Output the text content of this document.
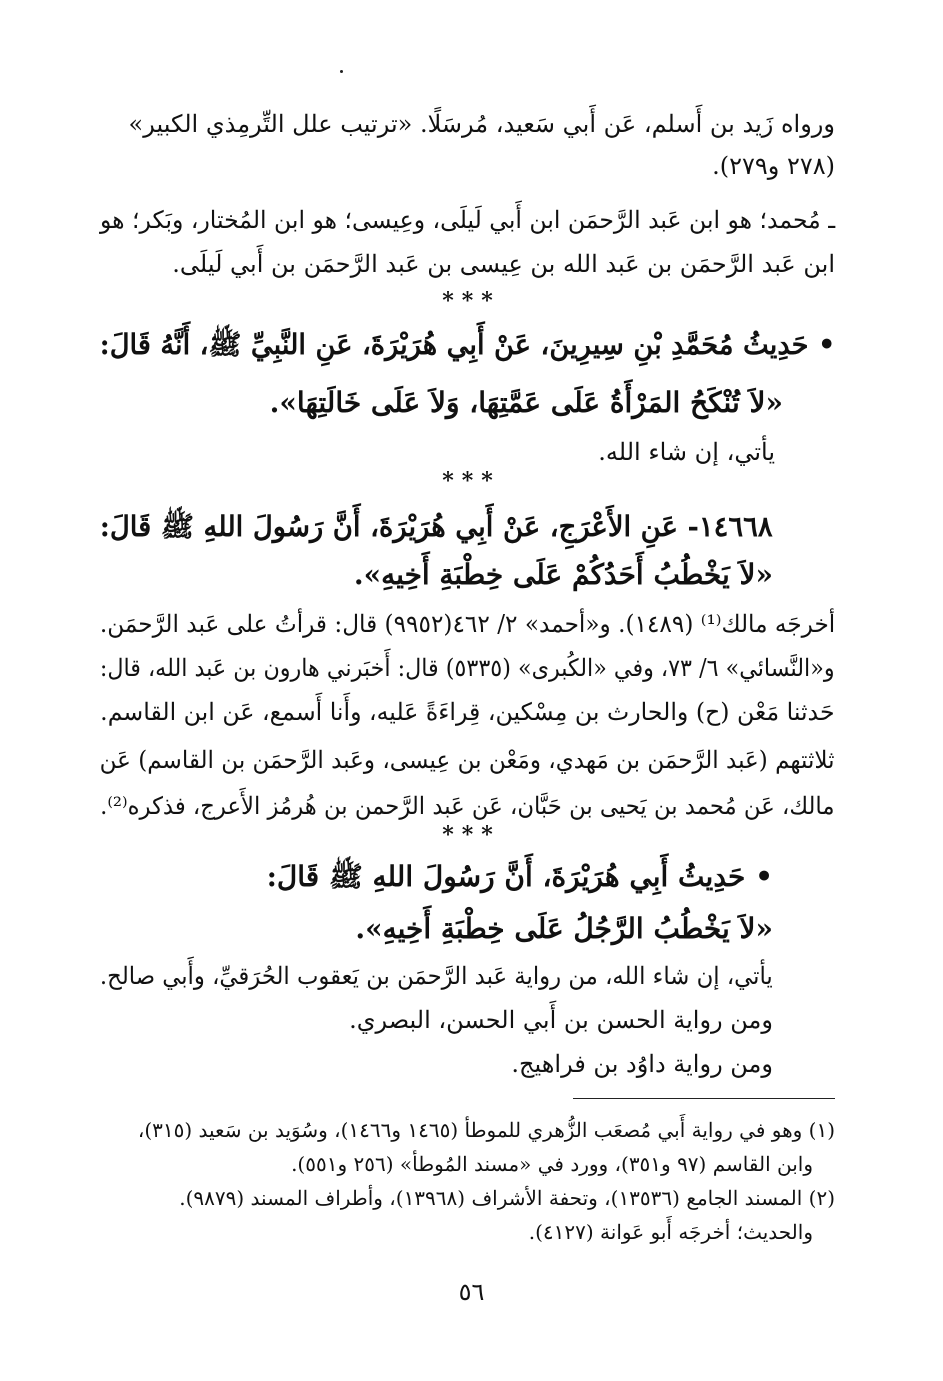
ورواه زَيد بن أَسلم، عَن أَبي سَعيد، مُرسَلًا. «ترتيب علل التِّرمِذي الكبير»
(٢٧٨ و٢٧٩).
ـ مُحمد؛ هو ابن عَبد الرَّحمَن ابن أَبي لَيلَى، وعِيسى؛ هو ابن المُختار، وبَكر؛ هو
ابن عَبد الرَّحمَن بن عَبد الله بن عِيسى بن عَبد الرَّحمَن بن أَبي لَيلَى.
***
• حَدِيثُ مُحَمَّدِ بْنِ سِيرِينَ، عَنْ أَبِي هُرَيْرَةَ، عَنِ النَّبِيِّ ﷺ، أَنَّهُ قَالَ:
«لاَ تُنْكَحُ المَرْأَةُ عَلَى عَمَّتِهَا، وَلاَ عَلَى خَالَتِهَا».
يأتي، إن شاء الله.
***
١٤٦٦٨- عَنِ الأَعْرَجِ، عَنْ أَبِي هُرَيْرَةَ، أَنَّ رَسُولَ اللهِ ﷺ قَالَ:
«لاَ يَخْطُبُ أَحَدُكُمْ عَلَى خِطْبَةِ أَخِيهِ».
أخرجَه مالك⁽¹⁾ (١٤٨٩). و«أحمد» ٢/ ٤٦٢(٩٩٥٢) قال: قرأتُ على عَبد الرَّحمَن.
و«النَّسائي» ٦/ ٧٣، وفي «الكُبرى» (٥٣٣٥) قال: أَخبَرني هارون بن عَبد الله، قال:
حَدثنا مَعْن (ح) والحارث بن مِسْكين، قِراءَةً عَليه، وأَنا أَسمع، عَن ابن القاسم.
ثلاثتهم (عَبد الرَّحمَن بن مَهدي، ومَعْن بن عِيسى، وعَبد الرَّحمَن بن القاسم) عَن
مالك، عَن مُحمد بن يَحيى بن حَبَّان، عَن عَبد الرَّحمن بن هُرمُز الأَعرج، فذكره⁽²⁾.
***
• حَدِيثُ أَبِي هُرَيْرَةَ، أَنَّ رَسُولَ اللهِ ﷺ قَالَ:
«لاَ يَخْطُبُ الرَّجُلُ عَلَى خِطْبَةِ أَخِيهِ».
يأتي، إن شاء الله، من رواية عَبد الرَّحمَن بن يَعقوب الحُرَقيِّ، وأَبي صالح.
ومن رواية الحسن بن أَبي الحسن، البصري.
ومن رواية داوُد بن فراهيج.
(١) وهو في رواية أَبي مُصعَب الزُّهري للموطأ (١٤٦٥ و١٤٦٦)، وسُوَيد بن سَعيد (٣١٥)،
وابن القاسم (٩٧ و٣٥١)، وورد في «مسند المُوطأ» (٢٥٦ و٥٥١).
(٢) المسند الجامع (١٣٥٣٦)، وتحفة الأشراف (١٣٩٦٨)، وأطراف المسند (٩٨٧٩).
والحديث؛ أخرجَه أَبو عَوانة (٤١٢٧).
٥٦
